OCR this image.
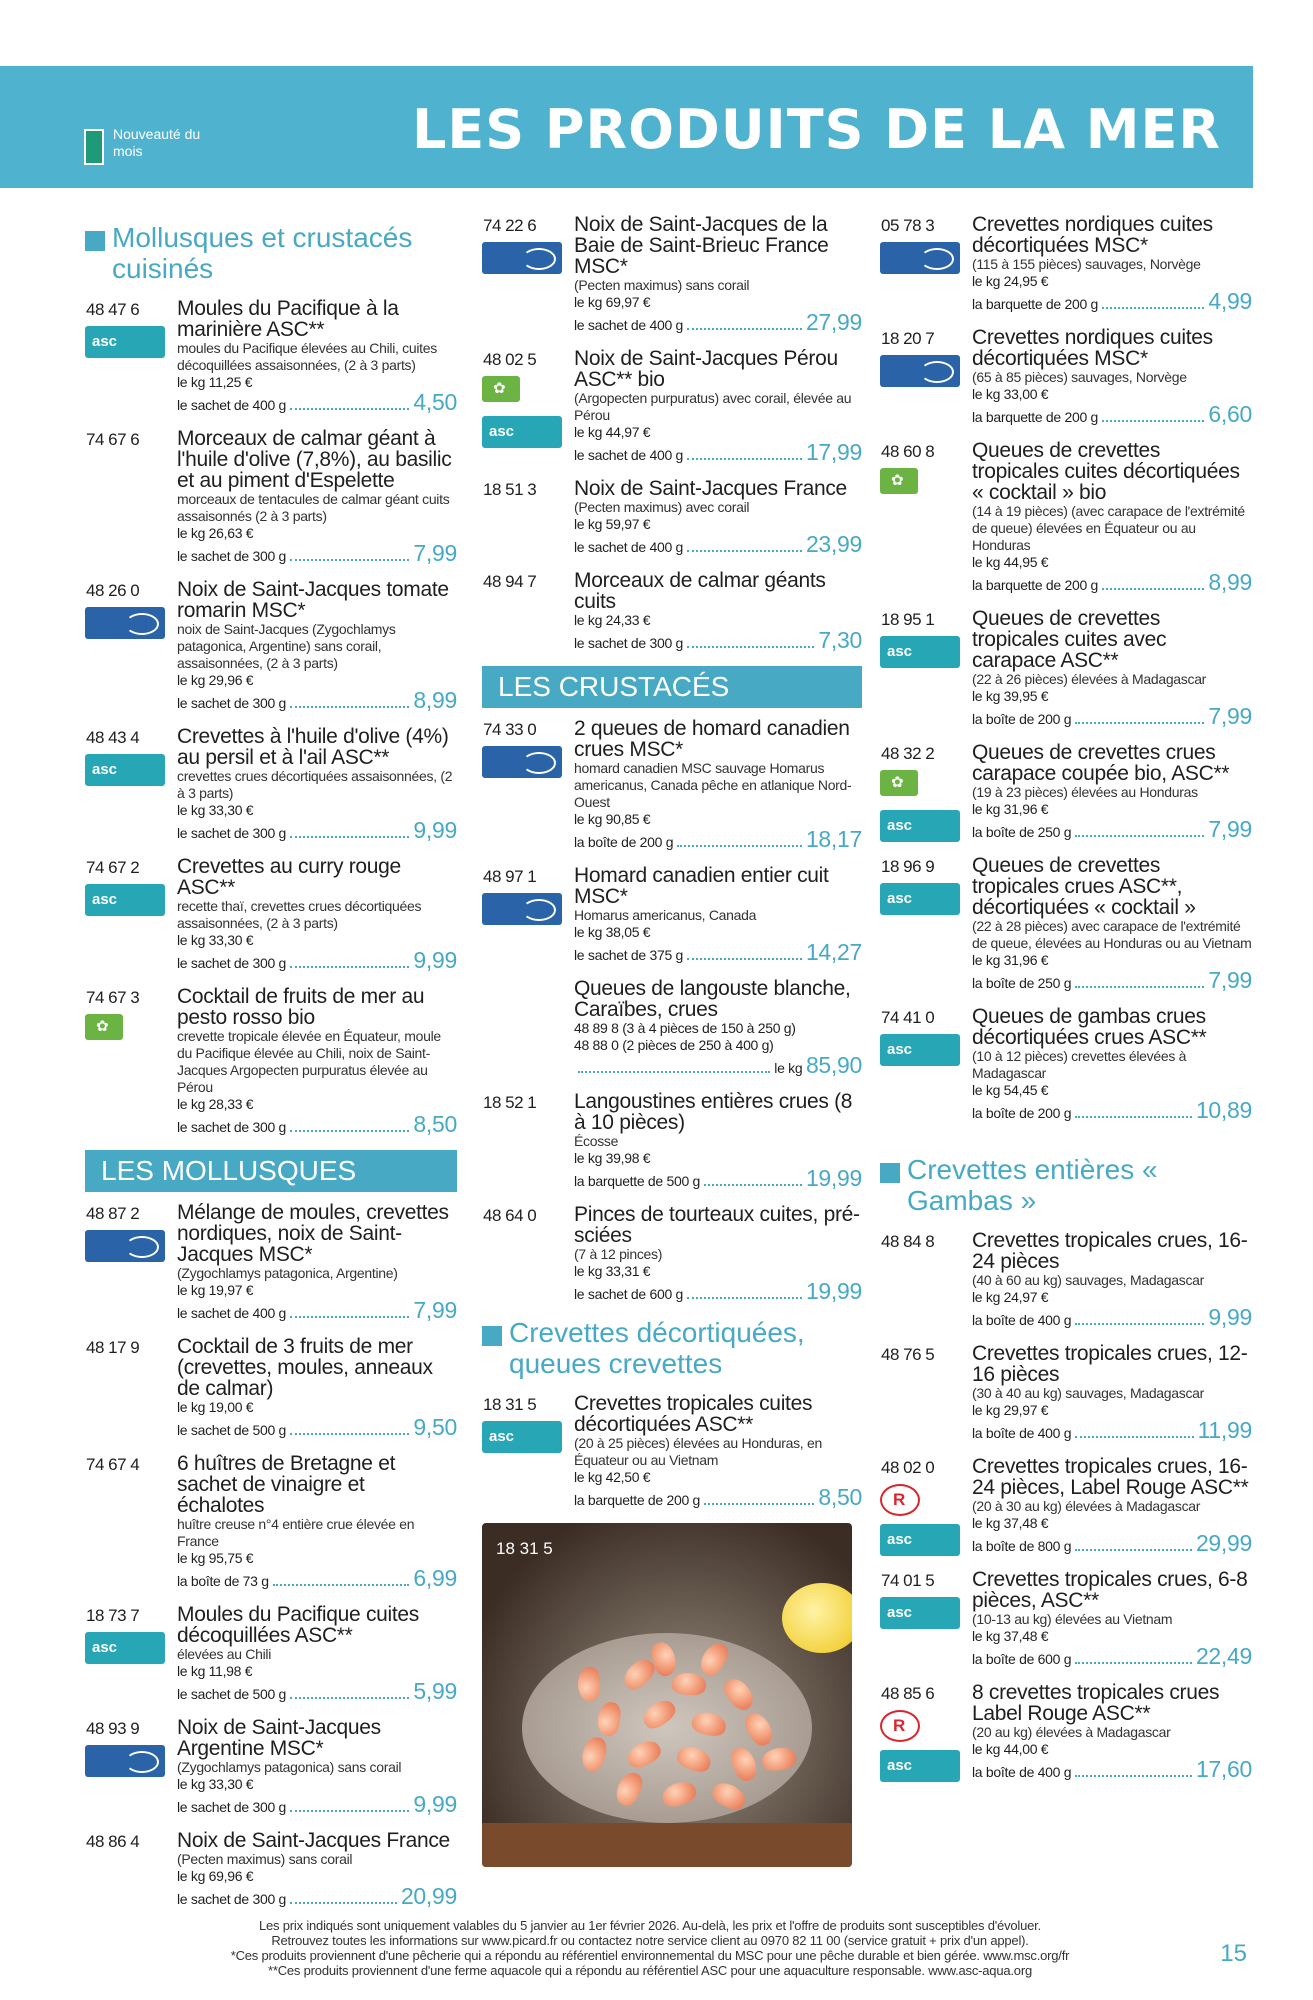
Nouveauté du mois	LES PRODUITS DE LA MER
Mollusques et crustacés cuisinés
48 47 6
asc Moules du Pacifique à la marinière ASC**
moules du Pacifique élevées au Chili, cuites décoquillées assaisonnées, (2 à 3 parts)
le kg 11,25 €
le sachet de 400 g	4,50
74 67 6 Morceaux de calmar géant à l'huile d'olive (7,8%), au basilic et au piment d'Espelette
morceaux de tentacules de calmar géant cuits assaisonnés (2 à 3 parts)
le kg 26,63 €
le sachet de 300 g	7,99
48 26 0 Noix de Saint-Jacques tomate romarin MSC*
noix de Saint-Jacques (Zygochlamys patagonica, Argentine) sans corail, assaisonnées, (2 à 3 parts)
le kg 29,96 €
le sachet de 300 g	8,99
48 43 4
asc Crevettes à l'huile d'olive (4%) au persil et à l'ail ASC**
crevettes crues décortiquées assaisonnées, (2 à 3 parts)
le kg 33,30 €
le sachet de 300 g	9,99
74 67 2
asc Crevettes au curry rouge ASC**
recette thaï, crevettes crues décortiquées assaisonnées, (2 à 3 parts)
le kg 33,30 €
le sachet de 300 g	9,99
74 67 3
✿ Cocktail de fruits de mer au pesto rosso bio
crevette tropicale élevée en Équateur, moule du Pacifique élevée au Chili, noix de Saint-Jacques Argopecten purpuratus élevée au Pérou
le kg 28,33 €
le sachet de 300 g	8,50
LES MOLLUSQUES
48 87 2 Mélange de moules, crevettes nordiques, noix de Saint-Jacques MSC*
(Zygochlamys patagonica, Argentine)
le kg 19,97 €
le sachet de 400 g	7,99
48 17 9 Cocktail de 3 fruits de mer (crevettes, moules, anneaux de calmar)
le kg 19,00 €
le sachet de 500 g	9,50
74 67 4 6 huîtres de Bretagne et sachet de vinaigre et échalotes
huître creuse n°4 entière crue élevée en France
le kg 95,75 €
la boîte de 73 g	6,99
18 73 7
asc Moules du Pacifique cuites décoquillées ASC**
élevées au Chili
le kg 11,98 €
le sachet de 500 g	5,99
48 93 9 Noix de Saint-Jacques Argentine MSC*
(Zygochlamys patagonica) sans corail
le kg 33,30 €
le sachet de 300 g	9,99
48 86 4 Noix de Saint-Jacques France
(Pecten maximus) sans corail
le kg 69,96 €
le sachet de 300 g	20,99
74 22 6 Noix de Saint-Jacques de la Baie de Saint-Brieuc France MSC*
(Pecten maximus) sans corail
le kg 69,97 €
le sachet de 400 g	27,99
48 02 5
✿
asc Noix de Saint-Jacques Pérou ASC** bio
(Argopecten purpuratus) avec corail, élevée au Pérou
le kg 44,97 €
le sachet de 400 g	17,99
18 51 3 Noix de Saint-Jacques France
(Pecten maximus) avec corail
le kg 59,97 €
le sachet de 400 g	23,99
48 94 7 Morceaux de calmar géants cuits
le kg 24,33 €
le sachet de 300 g	7,30
LES CRUSTACÉS
74 33 0 2 queues de homard canadien crues MSC*
homard canadien MSC sauvage Homarus americanus, Canada pêche en atlanique Nord-Ouest
le kg 90,85 €
la boîte de 200 g	18,17
48 97 1 Homard canadien entier cuit MSC*
Homarus americanus, Canada
le kg 38,05 €
le sachet de 375 g	14,27
Queues de langouste blanche, Caraïbes, crues
48 89 8 (3 à 4 pièces de 150 à 250 g)
48 88 0 (2 pièces de 250 à 400 g)
le kg
85,90
18 52 1 Langoustines entières crues (8 à 10 pièces)
Écosse
le kg 39,98 €
la barquette de 500 g	19,99
48 64 0 Pinces de tourteaux cuites, pré-sciées
(7 à 12 pinces)
le kg 33,31 €
le sachet de 600 g	19,99
Crevettes décortiquées, queues crevettes
18 31 5
asc Crevettes tropicales cuites décortiquées ASC**
(20 à 25 pièces) élevées au Honduras, en Équateur ou au Vietnam
le kg 42,50 €
la barquette de 200 g	8,50
18 31 5
05 78 3 Crevettes nordiques cuites décortiquées MSC*
(115 à 155 pièces) sauvages, Norvège
le kg 24,95 €
la barquette de 200 g	4,99
18 20 7 Crevettes nordiques cuites décortiquées MSC*
(65 à 85 pièces) sauvages, Norvège
le kg 33,00 €
la barquette de 200 g	6,60
48 60 8
✿ Queues de crevettes tropicales cuites décortiquées « cocktail » bio
(14 à 19 pièces) (avec carapace de l'extrémité de queue) élevées en Équateur ou au Honduras
le kg 44,95 €
la barquette de 200 g	8,99
18 95 1
asc Queues de crevettes tropicales cuites avec carapace ASC**
(22 à 26 pièces) élevées à Madagascar
le kg 39,95 €
la boîte de 200 g	7,99
48 32 2
✿
asc Queues de crevettes crues carapace coupée bio, ASC**
(19 à 23 pièces) élevées au Honduras
le kg 31,96 €
la boîte de 250 g	7,99
18 96 9
asc Queues de crevettes tropicales crues ASC**, décortiquées « cocktail »
(22 à 28 pièces) avec carapace de l'extrémité de queue, élevées au Honduras ou au Vietnam
le kg 31,96 €
la boîte de 250 g	7,99
74 41 0
asc Queues de gambas crues décortiquées crues ASC**
(10 à 12 pièces) crevettes élevées à Madagascar
le kg 54,45 €
la boîte de 200 g	10,89
Crevettes entières « Gambas »
48 84 8 Crevettes tropicales crues, 16-24 pièces
(40 à 60 au kg) sauvages, Madagascar
le kg 24,97 €
la boîte de 400 g	9,99
48 76 5 Crevettes tropicales crues, 12-16 pièces
(30 à 40 au kg) sauvages, Madagascar
le kg 29,97 €
la boîte de 400 g	11,99
48 02 0
R
asc Crevettes tropicales crues, 16-24 pièces, Label Rouge ASC**
(20 à 30 au kg) élevées à Madagascar
le kg 37,48 €
la boîte de 800 g	29,99
74 01 5
asc Crevettes tropicales crues, 6-8 pièces, ASC**
(10-13 au kg) élevées au Vietnam
le kg 37,48 €
la boîte de 600 g	22,49
48 85 6
R
asc 8 crevettes tropicales crues Label Rouge ASC**
(20 au kg) élevées à Madagascar
le kg 44,00 €
la boîte de 400 g	17,60
Les prix indiqués sont uniquement valables du 5 janvier au 1er février 2026. Au-delà, les prix et l'offre de produits sont susceptibles d'évoluer.
Retrouvez toutes les informations sur www.picard.fr ou contactez notre service client au 0970 82 11 00 (service gratuit + prix d'un appel).
*Ces produits proviennent d'une pêcherie qui a répondu au référentiel environnemental du MSC pour une pêche durable et bien gérée. www.msc.org/fr
**Ces produits proviennent d'une ferme aquacole qui a répondu au référentiel ASC pour une aquaculture responsable. www.asc-aqua.org
15
